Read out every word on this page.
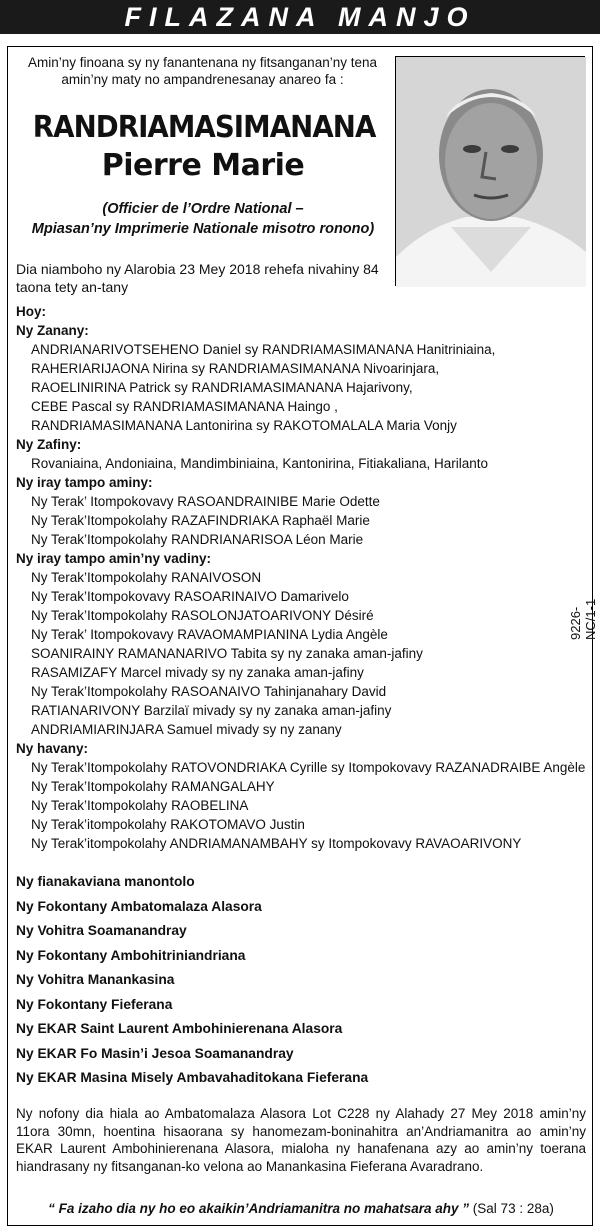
FILAZANA MANJO
Amin’ny finoana sy ny fanantenana ny fitsanganan’ny tena
amin’ny maty no ampandrenesanay anareo fa :
RANDRIAMASIMANANA
Pierre Marie
(Officier de l’Ordre National –
Mpiasan’ny Imprimerie Nationale misotro ronono)
Dia niamboho ny Alarobia 23 Mey 2018 rehefa nivahiny 84 taona tety an-tany
9226-NC/1-1
Hoy:
Ny Zanany:
ANDRIANARIVOTSEHENO Daniel sy RANDRIAMASIMANANA Hanitriniaina,
RAHERIARIJAONA Nirina sy RANDRIAMASIMANANA Nivoarinjara,
RAOELINIRINA Patrick sy RANDRIAMASIMANANA Hajarivony,
CEBE Pascal sy RANDRIAMASIMANANA Haingo ,
RANDRIAMASIMANANA Lantonirina sy RAKOTOMALALA Maria Vonjy
Ny Zafiny:
Rovaniaina, Andoniaina, Mandimbiniaina, Kantonirina, Fitiakaliana, Harilanto
Ny iray tampo aminy:
Ny Terak’ Itompokovavy RASOANDRAINIBE Marie Odette
Ny Terak’Itompokolahy RAZAFINDRIAKA Raphaël Marie
Ny Terak’Itompokolahy RANDRIANARISOA Léon Marie
Ny iray tampo amin’ny vadiny:
Ny Terak’Itompokolahy RANAIVOSON
Ny Terak’Itompokovavy RASOARINAIVO Damarivelo
Ny Terak’Itompokolahy RASOLONJATOARIVONY Désiré
Ny Terak’ Itompokovavy RAVAOMAMPIANINA Lydia Angèle
SOANIRAINY RAMANANARIVO Tabita sy ny zanaka aman-jafiny
RASAMIZAFY Marcel mivady sy ny zanaka aman-jafiny
Ny Terak’Itompokolahy RASOANAIVO Tahinjanahary David
RATIANARIVONY Barzilaï mivady sy ny zanaka aman-jafiny
ANDRIAMIARINJARA Samuel mivady sy ny zanany
Ny havany:
Ny Terak’Itompokolahy RATOVONDRIAKA Cyrille sy Itompokovavy RAZANADRAIBE Angèle
Ny Terak’Itompokolahy RAMANGALAHY
Ny Terak’Itompokolahy RAOBELINA
Ny Terak’itompokolahy RAKOTOMAVO Justin
Ny Terak’itompokolahy ANDRIAMANAMBAHY sy Itompokovavy RAVAOARIVONY
Ny fianakaviana manontolo
Ny Fokontany Ambatomalaza Alasora
Ny Vohitra Soamanandray
Ny Fokontany Ambohitriniandriana
Ny Vohitra Manankasina
Ny Fokontany Fieferana
Ny EKAR Saint Laurent Ambohinierenana Alasora
Ny EKAR Fo Masin’i Jesoa Soamanandray
Ny EKAR Masina Misely Ambavahaditokana Fieferana
Ny nofony dia hiala ao Ambatomalaza Alasora Lot C228 ny Alahady 27 Mey 2018 amin’ny 11ora 30mn, hoentina hisaorana sy hanomezam-boninahitra an’Andriamanitra ao amin’ny EKAR Laurent Ambohinierenana Alasora, mialoha ny hanafenana azy ao amin’ny toerana hiandrasany ny fitsanganan-ko velona ao Manankasina Fieferana Avaradrano.
“ Fa izaho dia ny ho eo akaikin’Andriamanitra no mahatsara ahy ” (Sal 73 : 28a)
